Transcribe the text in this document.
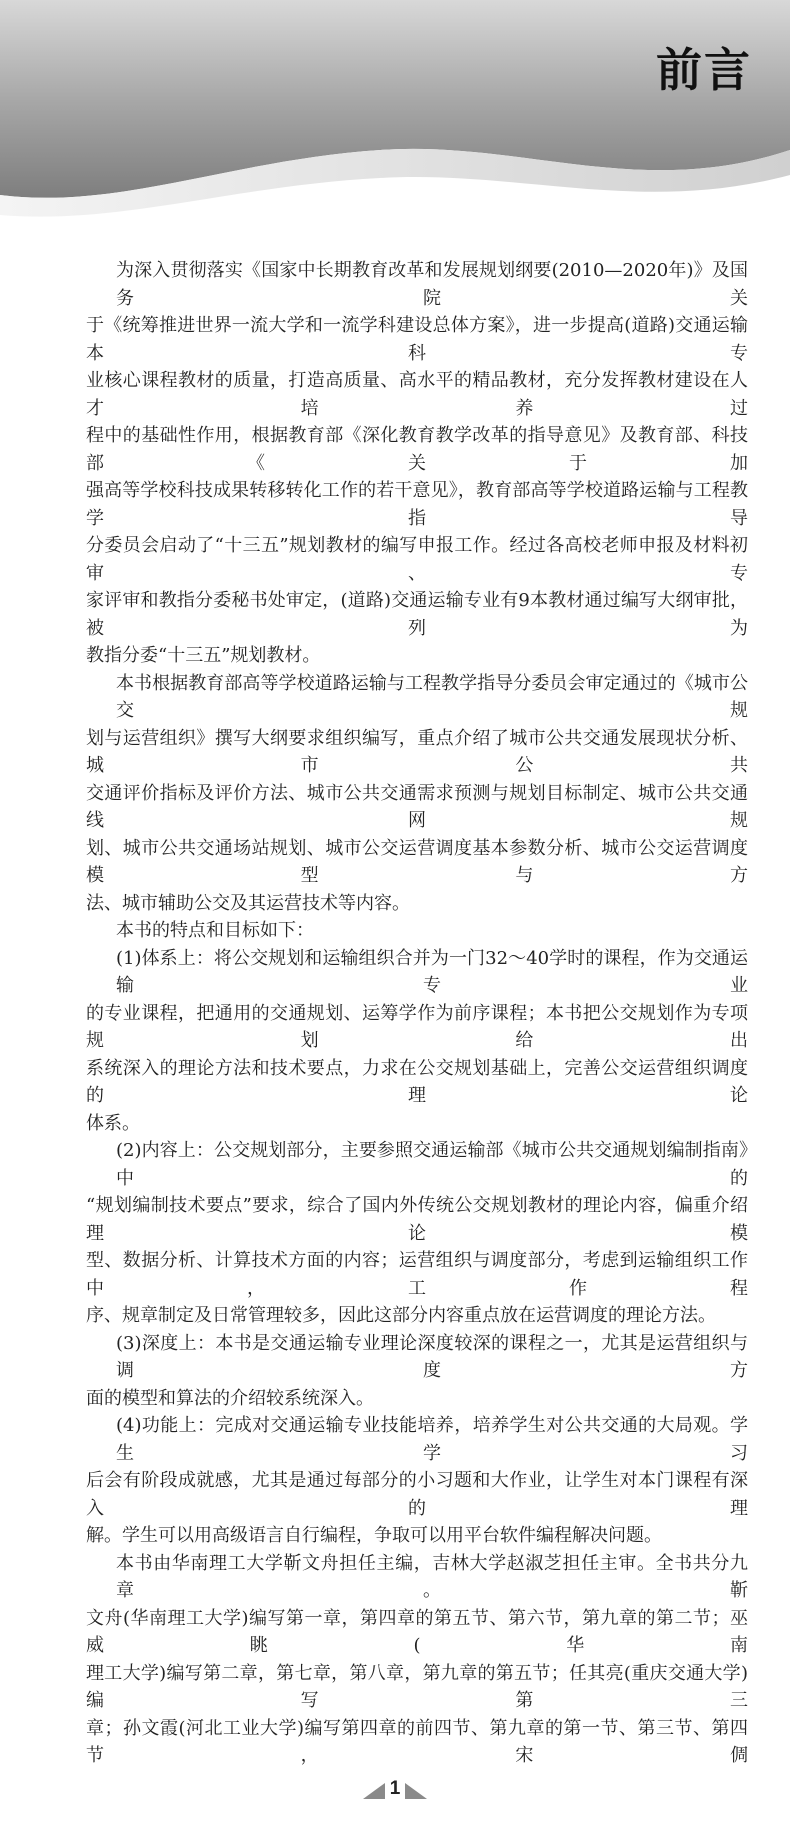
前言
为深入贯彻落实《国家中长期教育改革和发展规划纲要(2010—2020年)》及国务院关
于《统筹推进世界一流大学和一流学科建设总体方案》，进一步提高(道路)交通运输本科专
业核心课程教材的质量，打造高质量、高水平的精品教材，充分发挥教材建设在人才培养过
程中的基础性作用，根据教育部《深化教育教学改革的指导意见》及教育部、科技部《关于加
强高等学校科技成果转移转化工作的若干意见》，教育部高等学校道路运输与工程教学指导
分委员会启动了“十三五”规划教材的编写申报工作。经过各高校老师申报及材料初审、专
家评审和教指分委秘书处审定，(道路)交通运输专业有9本教材通过编写大纲审批，被列为
教指分委“十三五”规划教材。
本书根据教育部高等学校道路运输与工程教学指导分委员会审定通过的《城市公交规
划与运营组织》撰写大纲要求组织编写，重点介绍了城市公共交通发展现状分析、城市公共
交通评价指标及评价方法、城市公共交通需求预测与规划目标制定、城市公共交通线网规
划、城市公共交通场站规划、城市公交运营调度基本参数分析、城市公交运营调度模型与方
法、城市辅助公交及其运营技术等内容。
本书的特点和目标如下：
(1)体系上：将公交规划和运输组织合并为一门32～40学时的课程，作为交通运输专业
的专业课程，把通用的交通规划、运筹学作为前序课程；本书把公交规划作为专项规划给出
系统深入的理论方法和技术要点，力求在公交规划基础上，完善公交运营组织调度的理论
体系。
(2)内容上：公交规划部分，主要参照交通运输部《城市公共交通规划编制指南》中的
“规划编制技术要点”要求，综合了国内外传统公交规划教材的理论内容，偏重介绍理论模
型、数据分析、计算技术方面的内容；运营组织与调度部分，考虑到运输组织工作中，工作程
序、规章制定及日常管理较多，因此这部分内容重点放在运营调度的理论方法。
(3)深度上：本书是交通运输专业理论深度较深的课程之一，尤其是运营组织与调度方
面的模型和算法的介绍较系统深入。
(4)功能上：完成对交通运输专业技能培养，培养学生对公共交通的大局观。学生学习
后会有阶段成就感，尤其是通过每部分的小习题和大作业，让学生对本门课程有深入的理
解。学生可以用高级语言自行编程，争取可以用平台软件编程解决问题。
本书由华南理工大学靳文舟担任主编，吉林大学赵淑芝担任主审。全书共分九章。靳
文舟(华南理工大学)编写第一章，第四章的第五节、第六节，第九章的第二节；巫威眺(华南
理工大学)编写第二章，第七章，第八章，第九章的第五节；任其亮(重庆交通大学)编写第三
章；孙文霞(河北工业大学)编写第四章的前四节、第九章的第一节、第三节、第四节，宋倜
1
